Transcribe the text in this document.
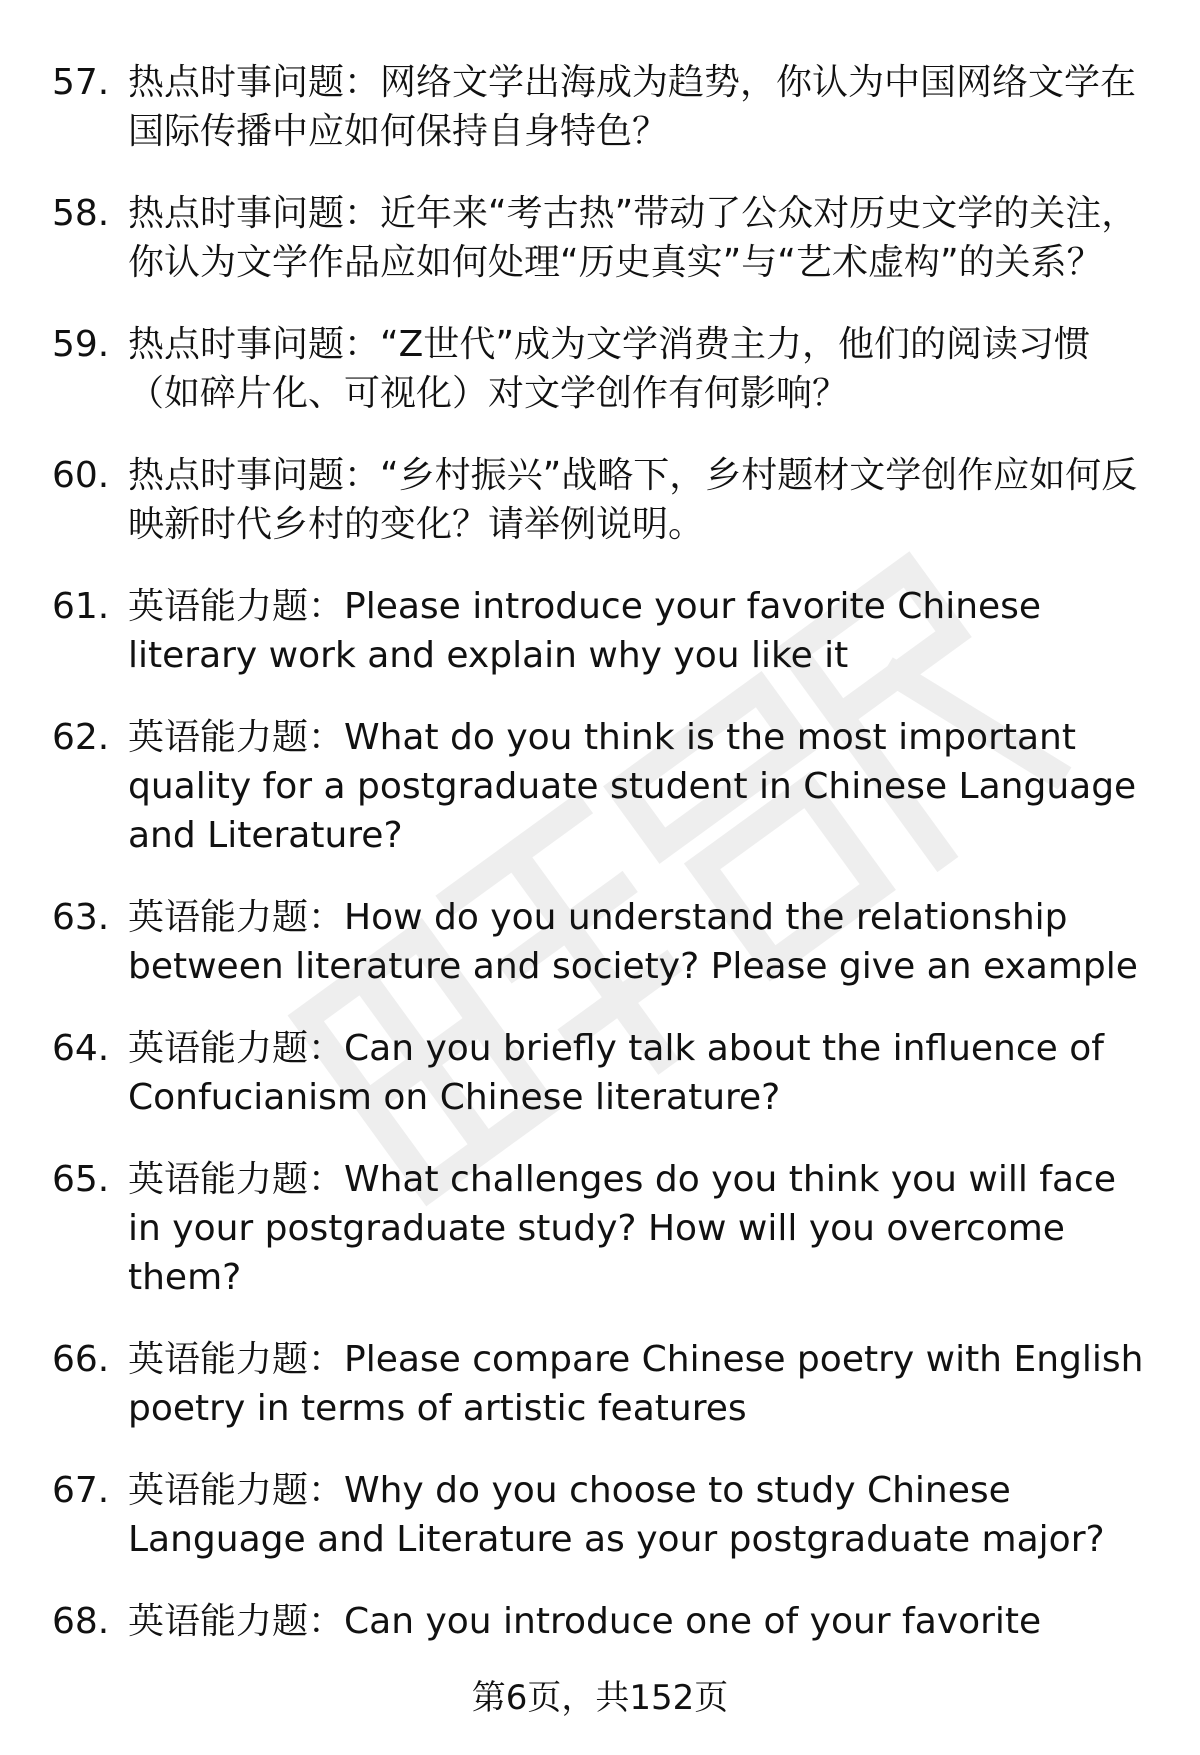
57. 热点时事问题：网络文学出海成为趋势，你认为中国网络文学在国际传播中应如何保持自身特色？
58. 热点时事问题：近年来“考古热”带动了公众对历史文学的关注，你认为文学作品应如何处理“历史真实”与“艺术虚构”的关系？
59. 热点时事问题：“Z世代”成为文学消费主力，他们的阅读习惯（如碎片化、可视化）对文学创作有何影响？
60. 热点时事问题：“乡村振兴”战略下，乡村题材文学创作应如何反映新时代乡村的变化？请举例说明。
61. 英语能力题：Please introduce your favorite Chinese literary work and explain why you like it
62. 英语能力题：What do you think is the most important quality for a postgraduate student in Chinese Language and Literature?
63. 英语能力题：How do you understand the relationship between literature and society? Please give an example
64. 英语能力题：Can you briefly talk about the influence of Confucianism on Chinese literature?
65. 英语能力题：What challenges do you think you will face in your postgraduate study? How will you overcome them?
66. 英语能力题：Please compare Chinese poetry with English poetry in terms of artistic features
67. 英语能力题：Why do you choose to study Chinese Language and Literature as your postgraduate major?
68. 英语能力题：Can you introduce one of your favorite
第6页，共152页
